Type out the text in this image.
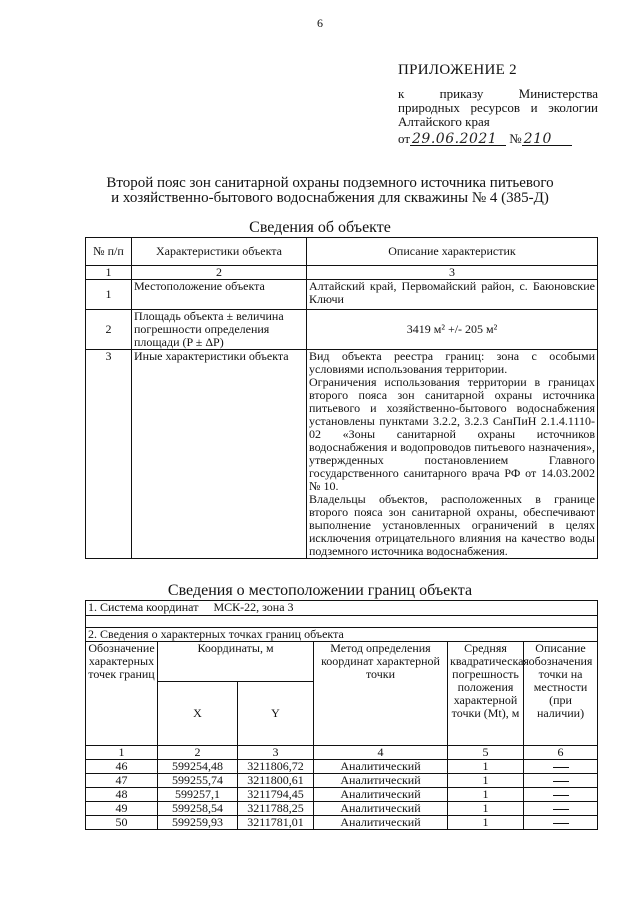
6
ПРИЛОЖЕНИЕ 2
к приказу Министерства природных ресурсов и экологии Алтайского края
от 29.06.2021 № 210
Второй пояс зон санитарной охраны подземного источника питьевого
и хозяйственно-бытового водоснабжения для скважины № 4 (385-Д)
Сведения об объекте
№ п/п	Характеристики объекта	Описание характеристик
1	2	3
1	Местоположение объекта	Алтайский край, Первомайский район, с. Баюновские Ключи
2	Площадь объекта ± величина погрешности определения площади (P ± ΔP)	3419 м² +/- 205 м²
3	Иные характеристики объекта	Вид объекта реестра границ: зона с особыми условиями использования территории.
Ограничения использования территории в границах второго пояса зон санитарной охраны источника питьевого и хозяйственно-бытового водоснабжения установлены пунктами 3.2.2, 3.2.3 СанПиН 2.1.4.1110-02 «Зоны санитарной охраны источников водоснабжения и водопроводов питьевого назначения», утвержденных постановлением Главного государственного санитарного врача РФ от 14.03.2002 № 10.
Владельцы объектов, расположенных в границе второго пояса зон санитарной охраны, обеспечивают выполнение установленных ограничений в целях исключения отрицательного влияния на качество воды подземного источника водоснабжения.
Сведения о местоположении границ объекта
1. Система координат МСК-22, зона 3					

2. Сведения о характерных точках границ объекта					
Обозначение характерных точек границ	Координаты, м		Метод определения координат характерной точки	Средняя квадратическая погрешность положения характерной точки (Mt), м	Описание обозначения точки на местности (при наличии)
	X	Y			
1	2	3	4	5	6
46	599254,48	3211806,72	Аналитический	1	
47	599255,74	3211800,61	Аналитический	1	
48	599257,1	3211794,45	Аналитический	1	
49	599258,54	3211788,25	Аналитический	1	
50	599259,93	3211781,01	Аналитический	1	
